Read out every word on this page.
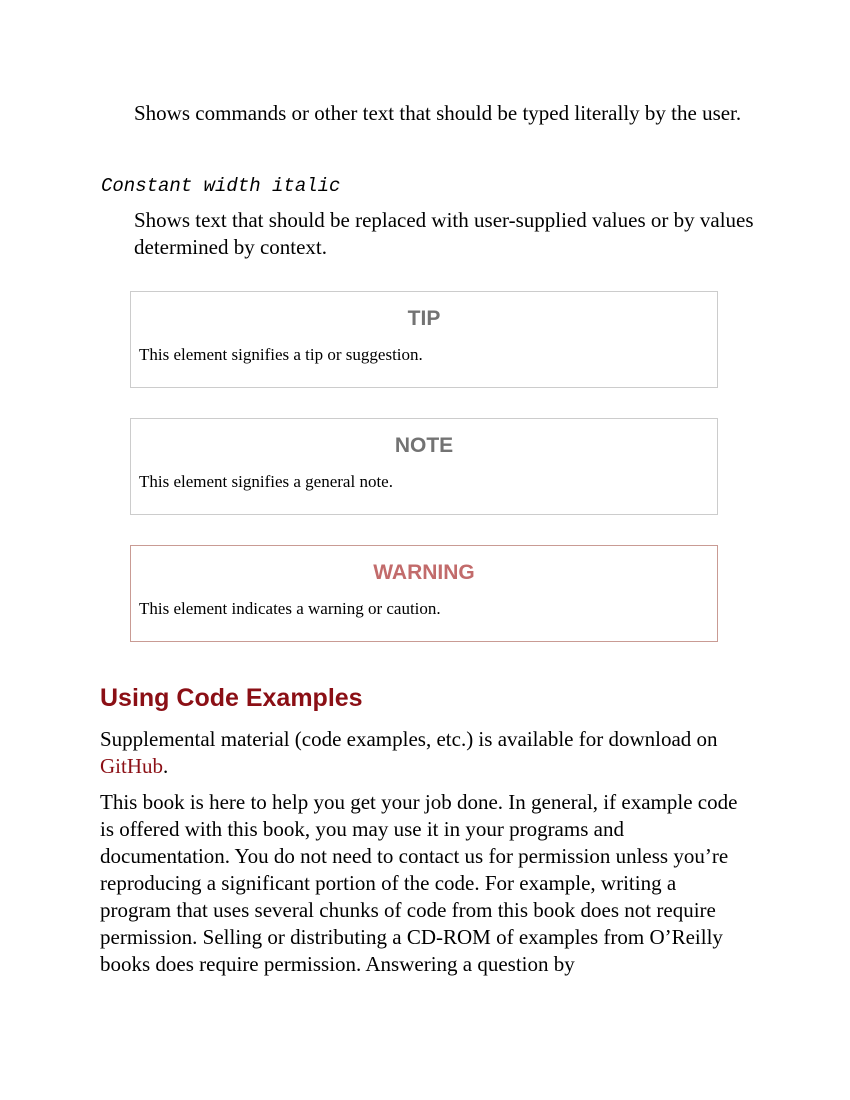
Shows commands or other text that should be typed literally by the user.

Constant width italic

Shows text that should be replaced with user-supplied values or by values determined by context.

TIP

This element signifies a tip or suggestion.

NOTE

This element signifies a general note.

WARNING

This element indicates a warning or caution.

Using Code Examples

Supplemental material (code examples, etc.) is available for download on GitHub.

This book is here to help you get your job done. In general, if example code is offered with this book, you may use it in your programs and documentation. You do not need to contact us for permission unless you’re reproducing a significant portion of the code. For example, writing a program that uses several chunks of code from this book does not require permission. Selling or distributing a CD-ROM of examples from O’Reilly books does require permission. Answering a question by
